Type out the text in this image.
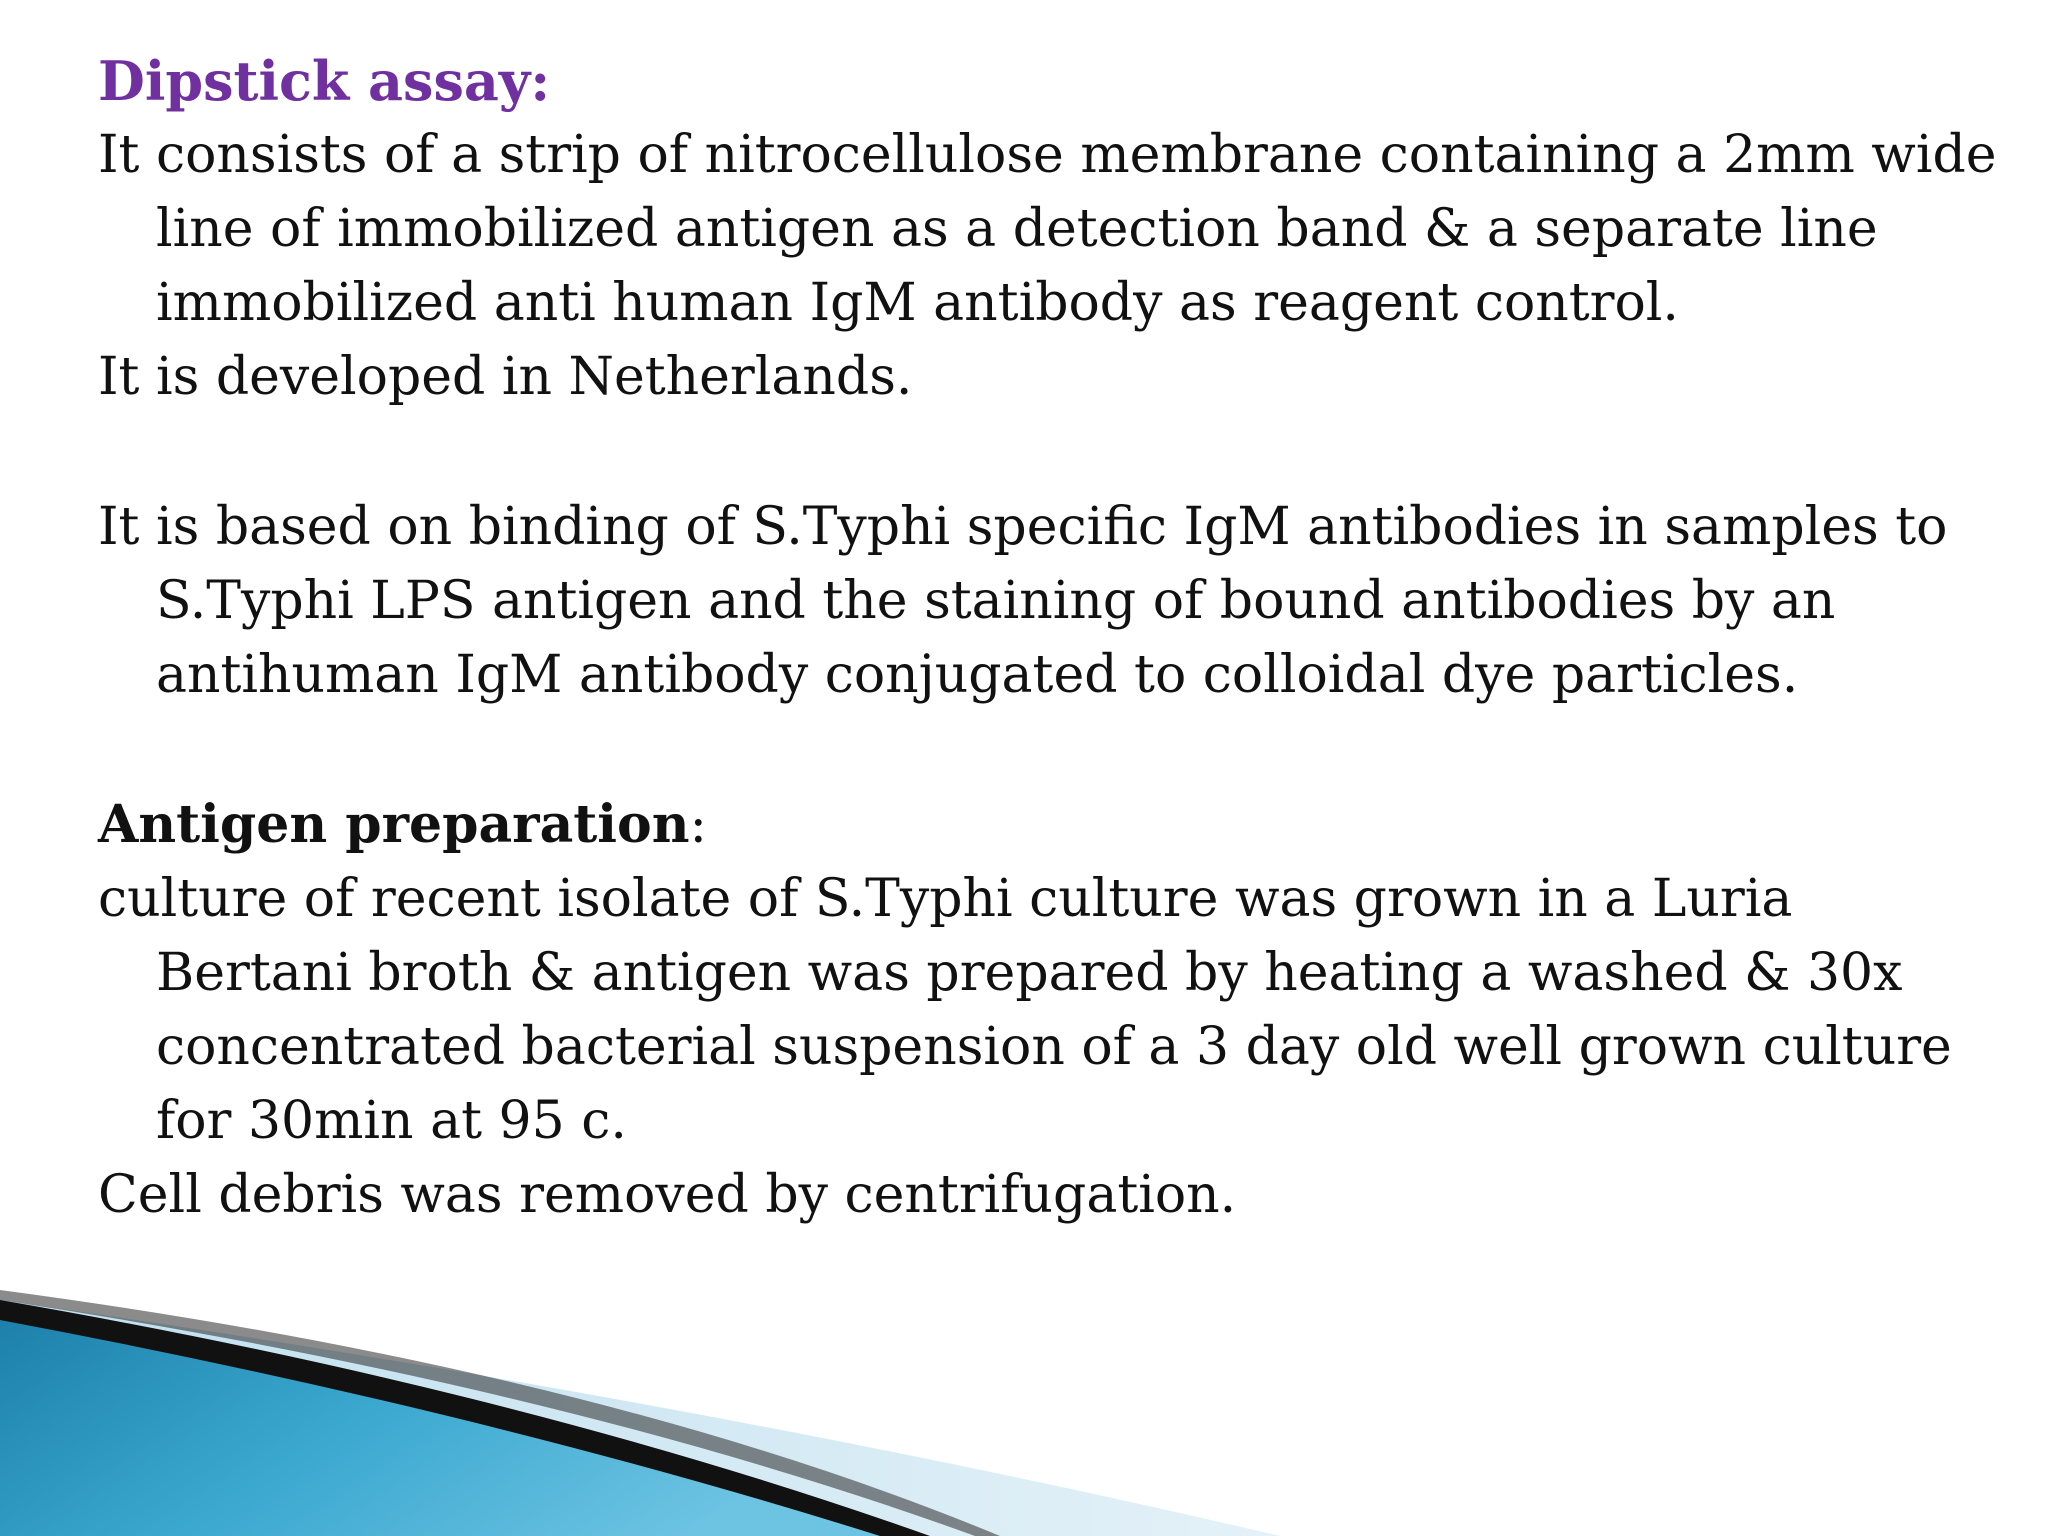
Dipstick assay:

It consists of a strip of nitrocellulose membrane containing a 2mm wide line of immobilized antigen as a detection band & a separate line immobilized anti human IgM antibody as reagent control.

It is developed in Netherlands.

It is based on binding of S.Typhi specific IgM antibodies in samples to S.Typhi LPS antigen and the staining of bound antibodies by an antihuman IgM antibody conjugated to colloidal dye particles.

Antigen preparation:

culture of recent isolate of S.Typhi culture was grown in a Luria Bertani broth & antigen was prepared by heating a washed & 30x concentrated bacterial suspension of a 3 day old well grown culture for 30min at 95 c.

Cell debris was removed by centrifugation.
